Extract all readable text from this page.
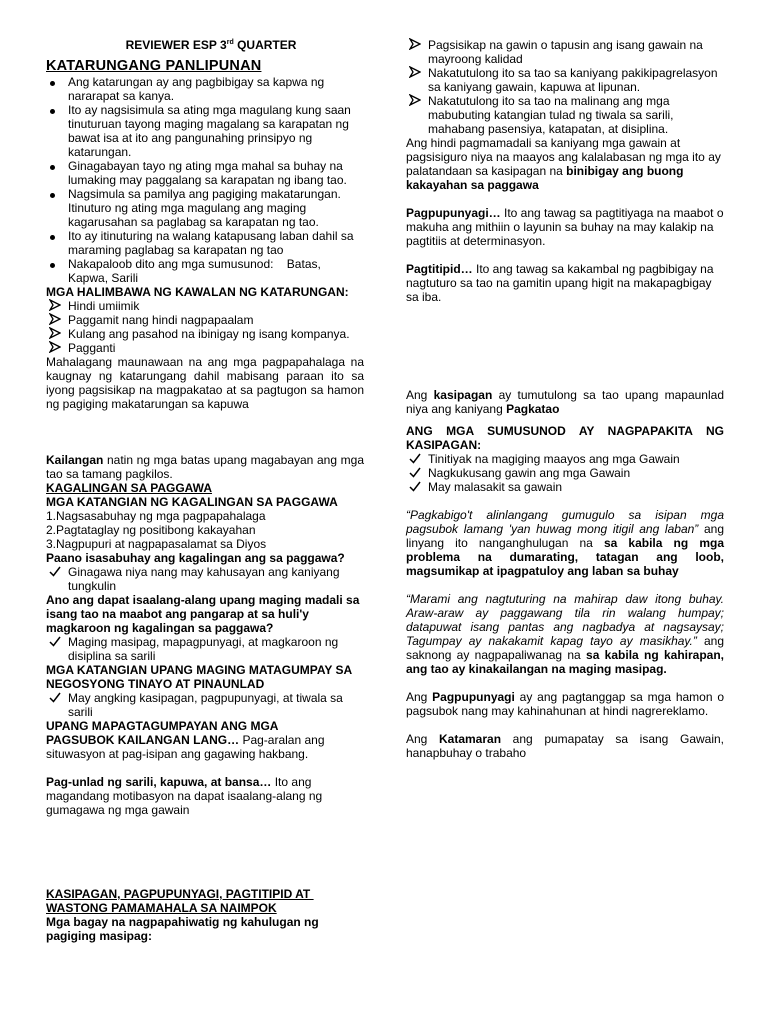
REVIEWER ESP 3rd QUARTER
KATARUNGANG PANLIPUNAN
Ang katarungan ay ang pagbibigay sa kapwa ng nararapat sa kanya.
Ito ay nagsisimula sa ating mga magulang kung saan tinuturuan tayong maging magalang sa karapatan ng bawat isa at ito ang pangunahing prinsipyo ng katarungan.
Ginagabayan tayo ng ating mga mahal sa buhay na lumaking may paggalang sa karapatan ng ibang tao.
Nagsimula sa pamilya ang pagiging makatarungan. Itinuturo ng ating mga magulang ang maging kagarusahan sa paglabag sa karapatan ng tao.
Ito ay itinuturing na walang katapusang laban dahil sa maraming paglabag sa karapatan ng tao
Nakapaloob dito ang mga sumusunod:    Batas, Kapwa, Sarili
MGA HALIMBAWA NG KAWALAN NG KATARUNGAN:
Hindi umiimik
Paggamit nang hindi nagpapaalam
Kulang ang pasahod na ibinigay ng isang kompanya.
Pagganti
Mahalagang maunawaan na ang mga pagpapahalaga na kaugnay ng katarungang dahil mabisang paraan ito sa iyong pagsisikap na magpakatao at sa pagtugon sa hamon ng pagiging makatarungan sa kapuwa
Kailangan natin ng mga batas upang magabayan ang mga tao sa tamang pagkilos.
KAGALINGAN SA PAGGAWA
MGA KATANGIAN NG KAGALINGAN SA PAGGAWA
1.Nagsasabuhay ng mga pagpapahalaga
2.Pagtataglay ng positibong kakayahan
3.Nagpupuri at nagpapasalamat sa Diyos
Paano isasabuhay ang kagalingan ang sa paggawa?
Ginagawa niya nang may kahusayan ang kaniyang tungkulin
Ano ang dapat isaalang-alang upang maging madali sa isang tao na maabot ang pangarap at sa huli'y magkaroon ng kagalingan sa paggawa?
Maging masipag, mapagpunyagi, at magkaroon ng disiplina sa sarili
MGA KATANGIAN UPANG MAGING MATAGUMPAY SA NEGOSYONG TINAYO AT PINAUNLAD
May angking kasipagan, pagpupunyagi, at tiwala sa sarili
UPANG MAPAGTAGUMPAYAN ANG MGA
PAGSUBOK KAILANGAN LANG… Pag-aralan ang situwasyon at pag-isipan ang gagawing hakbang.
Pag-unlad ng sarili, kapuwa, at bansa… Ito ang magandang motibasyon na dapat isaalang-alang ng gumagawa ng mga gawain
KASIPAGAN, PAGPUPUNYAGI, PAGTITIPID AT
WASTONG PAMAMAHALA SA NAIMPOK
Mga bagay na nagpapahiwatig ng kahulugan ng pagiging masipag:
Pagsisikap na gawin o tapusin ang isang gawain na mayroong kalidad
Nakatutulong ito sa tao sa kaniyang pakikipagrelasyon sa kaniyang gawain, kapuwa at lipunan.
Nakatutulong ito sa tao na malinang ang mga mabubuting katangian tulad ng tiwala sa sarili, mahabang pasensiya, katapatan, at disiplina.
Ang hindi pagmamadali sa kaniyang mga gawain at pagsisiguro niya na maayos ang kalalabasan ng mga ito ay palatandaan sa kasipagan na binibigay ang buong kakayahan sa paggawa
Pagpupunyagi… Ito ang tawag sa pagtitiyaga na maabot o makuha ang mithiin o layunin sa buhay na may kalakip na pagtitiis at determinasyon.
Pagtitipid… Ito ang tawag sa kakambal ng pagbibigay na nagtuturo sa tao na gamitin upang higit na makapagbigay sa iba.
Ang kasipagan ay tumutulong sa tao upang mapaunlad niya ang kaniyang Pagkatao
ANG MGA SUMUSUNOD AY NAGPAPAKITA NG KASIPAGAN:
Tinitiyak na magiging maayos ang mga Gawain
Nagkukusang gawin ang mga Gawain
May malasakit sa gawain
“Pagkabigo't alinlangang gumugulo sa isipan mga pagsubok lamang 'yan huwag mong itigil ang laban” ang linyang ito nanganghulugan na sa kabila ng mga problema na dumarating, tatagan ang loob, magsumikap at ipagpatuloy ang laban sa buhay
“Marami ang nagtuturing na mahirap daw itong buhay. Araw-araw ay paggawang tila rin walang humpay; datapuwat isang pantas ang nagbadya at nagsaysay; Tagumpay ay nakakamit kapag tayo ay masikhay.” ang saknong ay nagpapaliwanag na sa kabila ng kahirapan, ang tao ay kinakailangan na maging masipag.
Ang Pagpupunyagi ay ang pagtanggap sa mga hamon o pagsubok nang may kahinahunan at hindi nagrereklamo.
Ang Katamaran ang pumapatay sa isang Gawain, hanapbuhay o trabaho
